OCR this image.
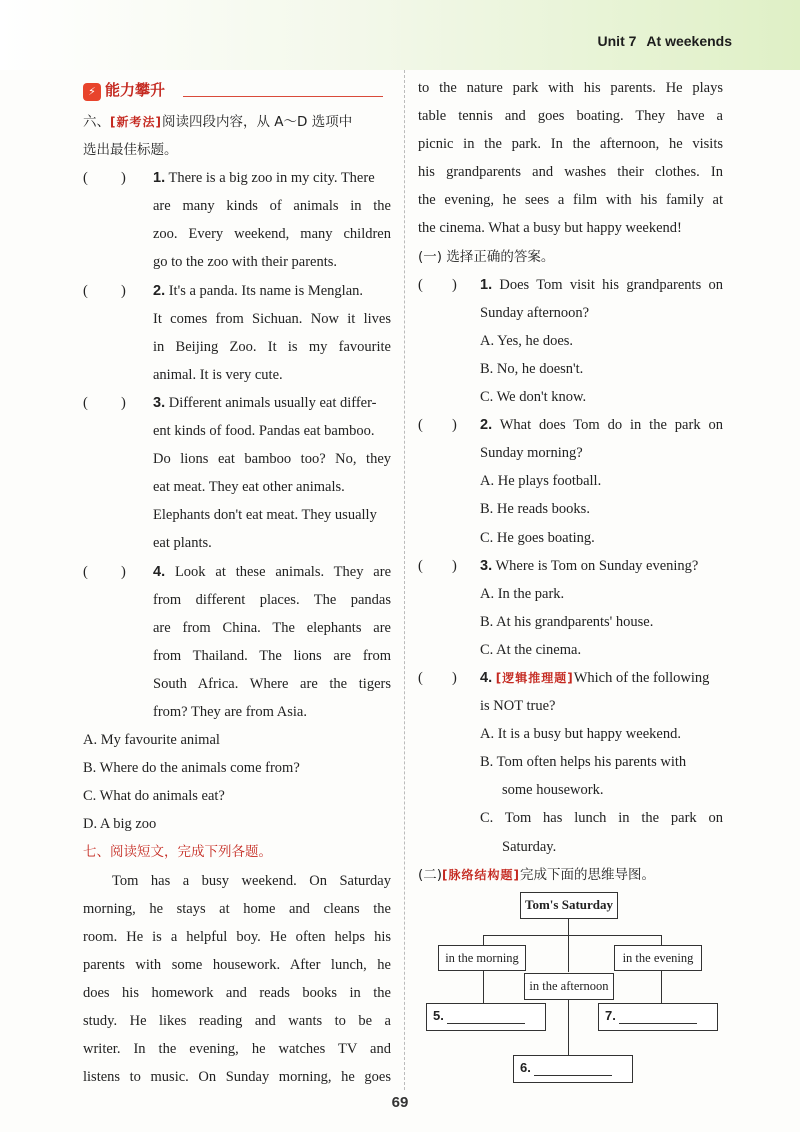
Unit 7 At weekends
⚡ 能力攀升
六、[新考法]阅读四段内容，从 A～D 选项中
选出最佳标题。
( ) 1. There is a big zoo in my city. There
are many kinds of animals in the
zoo. Every weekend, many children
go to the zoo with their parents.
( ) 2. It's a panda. Its name is Menglan.
It comes from Sichuan. Now it lives
in Beijing Zoo. It is my favourite
animal. It is very cute.
( ) 3. Different animals usually eat differ-
ent kinds of food. Pandas eat bamboo.
Do lions eat bamboo too? No, they
eat meat. They eat other animals.
Elephants don't eat meat. They usually
eat plants.
( ) 4. Look at these animals. They are
from different places. The pandas
are from China. The elephants are
from Thailand. The lions are from
South Africa. Where are the tigers
from? They are from Asia.
A. My favourite animal
B. Where do the animals come from?
C. What do animals eat?
D. A big zoo
七、阅读短文，完成下列各题。
Tom has a busy weekend. On Saturday
morning, he stays at home and cleans the
room. He is a helpful boy. He often helps his
parents with some housework. After lunch, he
does his homework and reads books in the
study. He likes reading and wants to be a
writer. In the evening, he watches TV and
listens to music. On Sunday morning, he goes
to the nature park with his parents. He plays
table tennis and goes boating. They have a
picnic in the park. In the afternoon, he visits
his grandparents and washes their clothes. In
the evening, he sees a film with his family at
the cinema. What a busy but happy weekend!
(一) 选择正确的答案。
( ) 1. Does Tom visit his grandparents on
Sunday afternoon?
A. Yes, he does.
B. No, he doesn't.
C. We don't know.
( ) 2. What does Tom do in the park on
Sunday morning?
A. He plays football.
B. He reads books.
C. He goes boating.
( ) 3. Where is Tom on Sunday evening?
A. In the park.
B. At his grandparents' house.
C. At the cinema.
( ) 4. [逻辑推理题]Which of the following
is NOT true?
A. It is a busy but happy weekend.
B. Tom often helps his parents with
some housework.
C. Tom has lunch in the park on
Saturday.
(二)[脉络结构题]完成下面的思维导图。
Tom's Saturday
in the morning	in the evening
in the afternoon
5.	7.
6.
69
